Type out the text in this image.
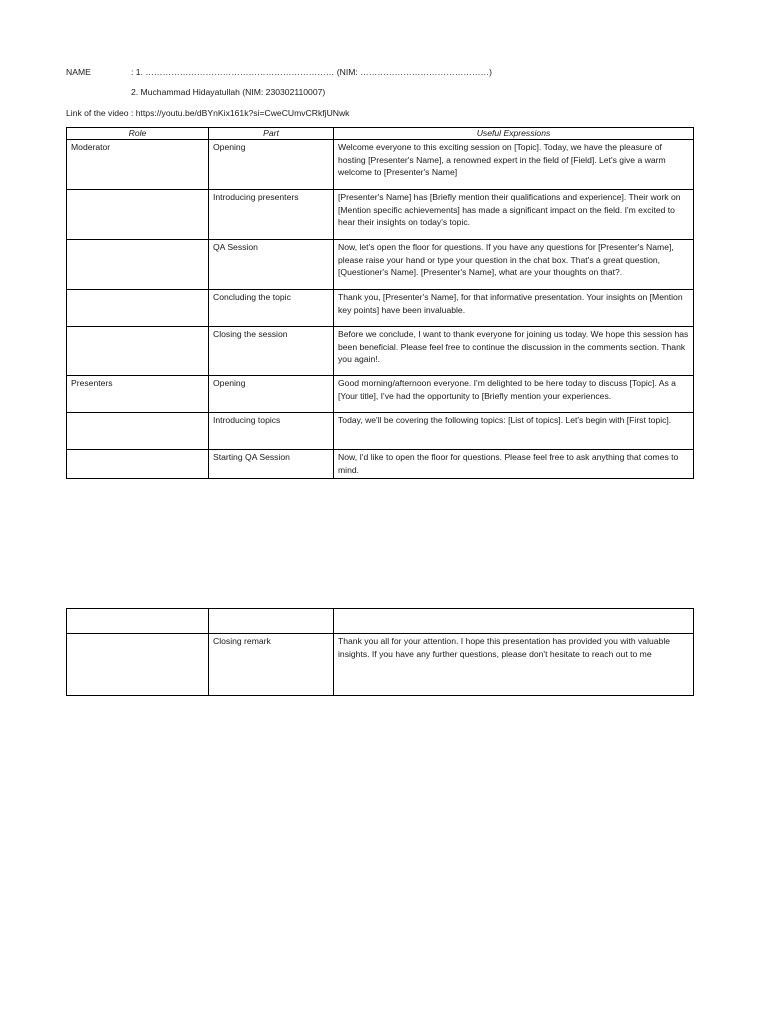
NAME	: 1. ………………………………………………………… (NIM: ………………………………………)
2. Muchammad Hidayatullah (NIM: 230302110007)
Link of the video : https://youtu.be/dBYnKix161k?si=CweCUmvCRkfjUNwk
Role	Part	Useful Expressions
Moderator	Opening	Welcome everyone to this exciting session on [Topic]. Today, we have the pleasure of hosting [Presenter's Name], a renowned expert in the field of [Field]. Let's give a warm welcome to [Presenter's Name]
	Introducing presenters	[Presenter's Name] has [Briefly mention their qualifications and experience]. Their work on [Mention specific achievements] has made a significant impact on the field. I'm excited to hear their insights on today's topic.
	QA Session	Now, let's open the floor for questions. If you have any questions for [Presenter's Name], please raise your hand or type your question in the chat box. That's a great question, [Questioner's Name]. [Presenter's Name], what are your thoughts on that?.
	Concluding the topic	Thank you, [Presenter's Name], for that informative presentation. Your insights on [Mention key points] have been invaluable.
	Closing the session	Before we conclude, I want to thank everyone for joining us today. We hope this session has been beneficial. Please feel free to continue the discussion in the comments section. Thank you again!.
Presenters	Opening	Good morning/afternoon everyone. I'm delighted to be here today to discuss [Topic]. As a [Your title], I've had the opportunity to [Briefly mention your experiences.
	Introducing topics	Today, we'll be covering the following topics: [List of topics]. Let's begin with [First topic].
	Starting QA Session	Now, I'd like to open the floor for questions. Please feel free to ask anything that comes to mind.

	Closing remark	Thank you all for your attention. I hope this presentation has provided you with valuable insights. If you have any further questions, please don't hesitate to reach out to me
